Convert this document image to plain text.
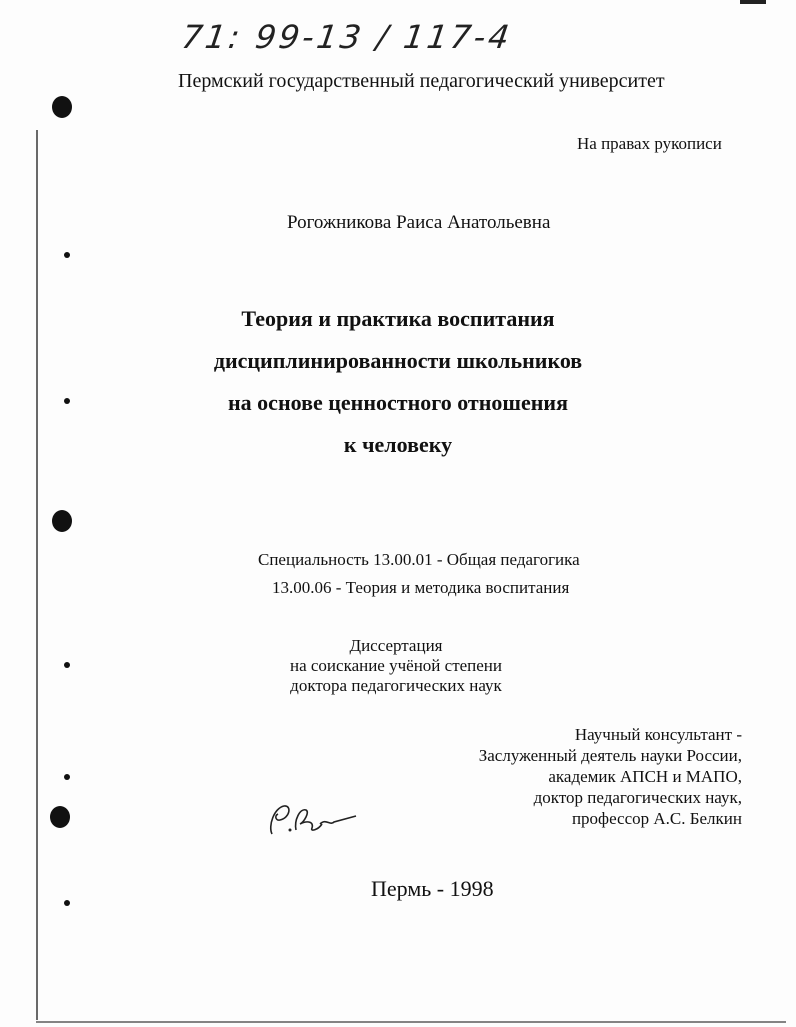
71: 99-13 / 117-4
Пермский государственный педагогический университет
На правах рукописи
Рогожникова Раиса Анатольевна
Теория и практика воспитания
дисциплинированности школьников
на основе ценностного отношения
к человеку
Специальность 13.00.01 - Общая педагогика
13.00.06 - Теория и методика воспитания
Диссертация
на соискание учёной степени
доктора педагогических наук
Научный консультант -
Заслуженный деятель науки России,
академик АПСН и МАПО,
доктор педагогических наук,
профессор А.С. Белкин
Пермь - 1998
